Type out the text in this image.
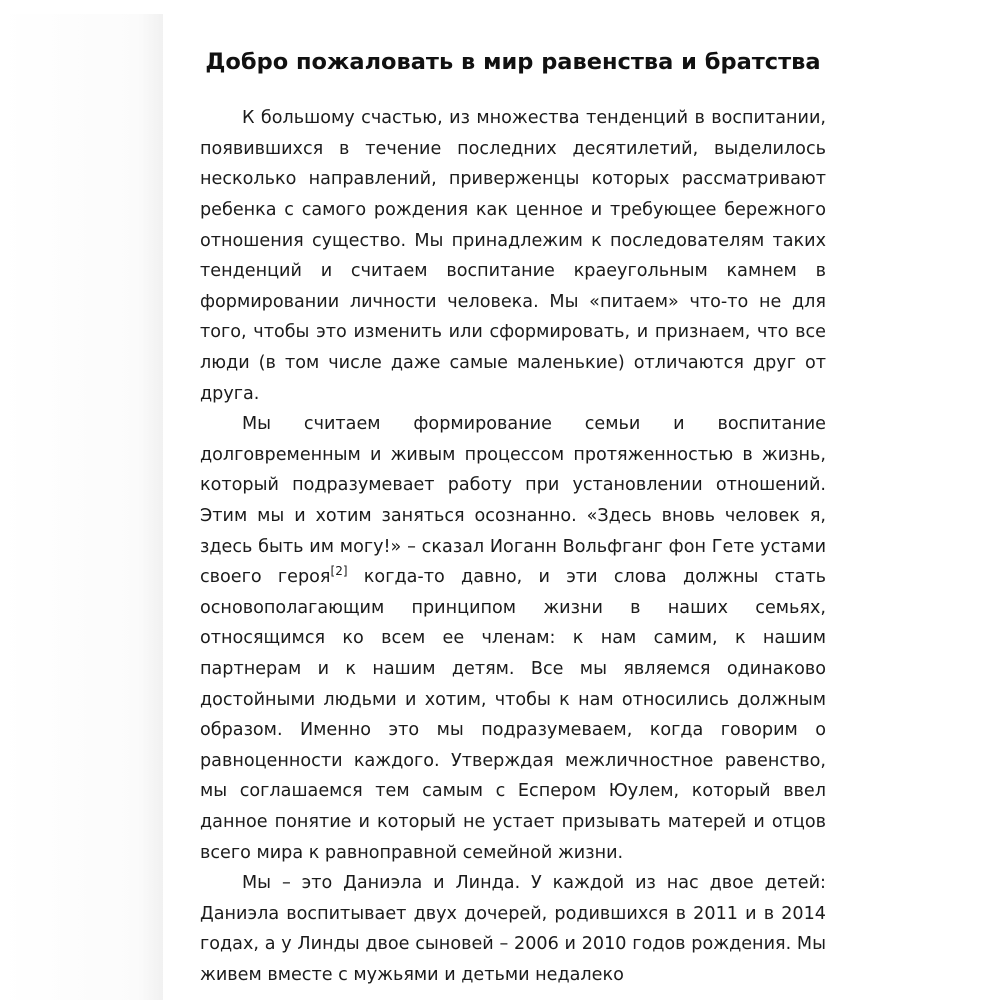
Добро пожаловать в мир равенства и братства

К большому счастью, из множества тенденций в воспитании, появившихся в течение последних десятилетий, выделилось несколько направлений, приверженцы которых рассматривают ребенка с самого рождения как ценное и требующее бережного отношения существо. Мы принадлежим к последователям таких тенденций и считаем воспитание краеугольным камнем в формировании личности человека. Мы «питаем» что-то не для того, чтобы это изменить или сформировать, и признаем, что все люди (в том числе даже самые маленькие) отличаются друг от друга.

Мы считаем формирование семьи и воспитание долговременным и живым процессом протяженностью в жизнь, который подразумевает работу при установлении отношений. Этим мы и хотим заняться осознанно. «Здесь вновь человек я, здесь быть им могу!» – сказал Иоганн Вольфганг фон Гете устами своего героя[2] когда-то давно, и эти слова должны стать основополагающим принципом жизни в наших семьях, относящимся ко всем ее членам: к нам самим, к нашим партнерам и к нашим детям. Все мы являемся одинаково достойными людьми и хотим, чтобы к нам относились должным образом. Именно это мы подразумеваем, когда говорим о равноценности каждого. Утверждая межличностное равенство, мы соглашаемся тем самым с Еспером Юулем, который ввел данное понятие и который не устает призывать матерей и отцов всего мира к равноправной семейной жизни.

Мы – это Даниэла и Линда. У каждой из нас двое детей: Даниэла воспитывает двух дочерей, родившихся в 2011 и в 2014 годах, а у Линды двое сыновей – 2006 и 2010 годов рождения. Мы живем вместе с мужьями и детьми недалеко
